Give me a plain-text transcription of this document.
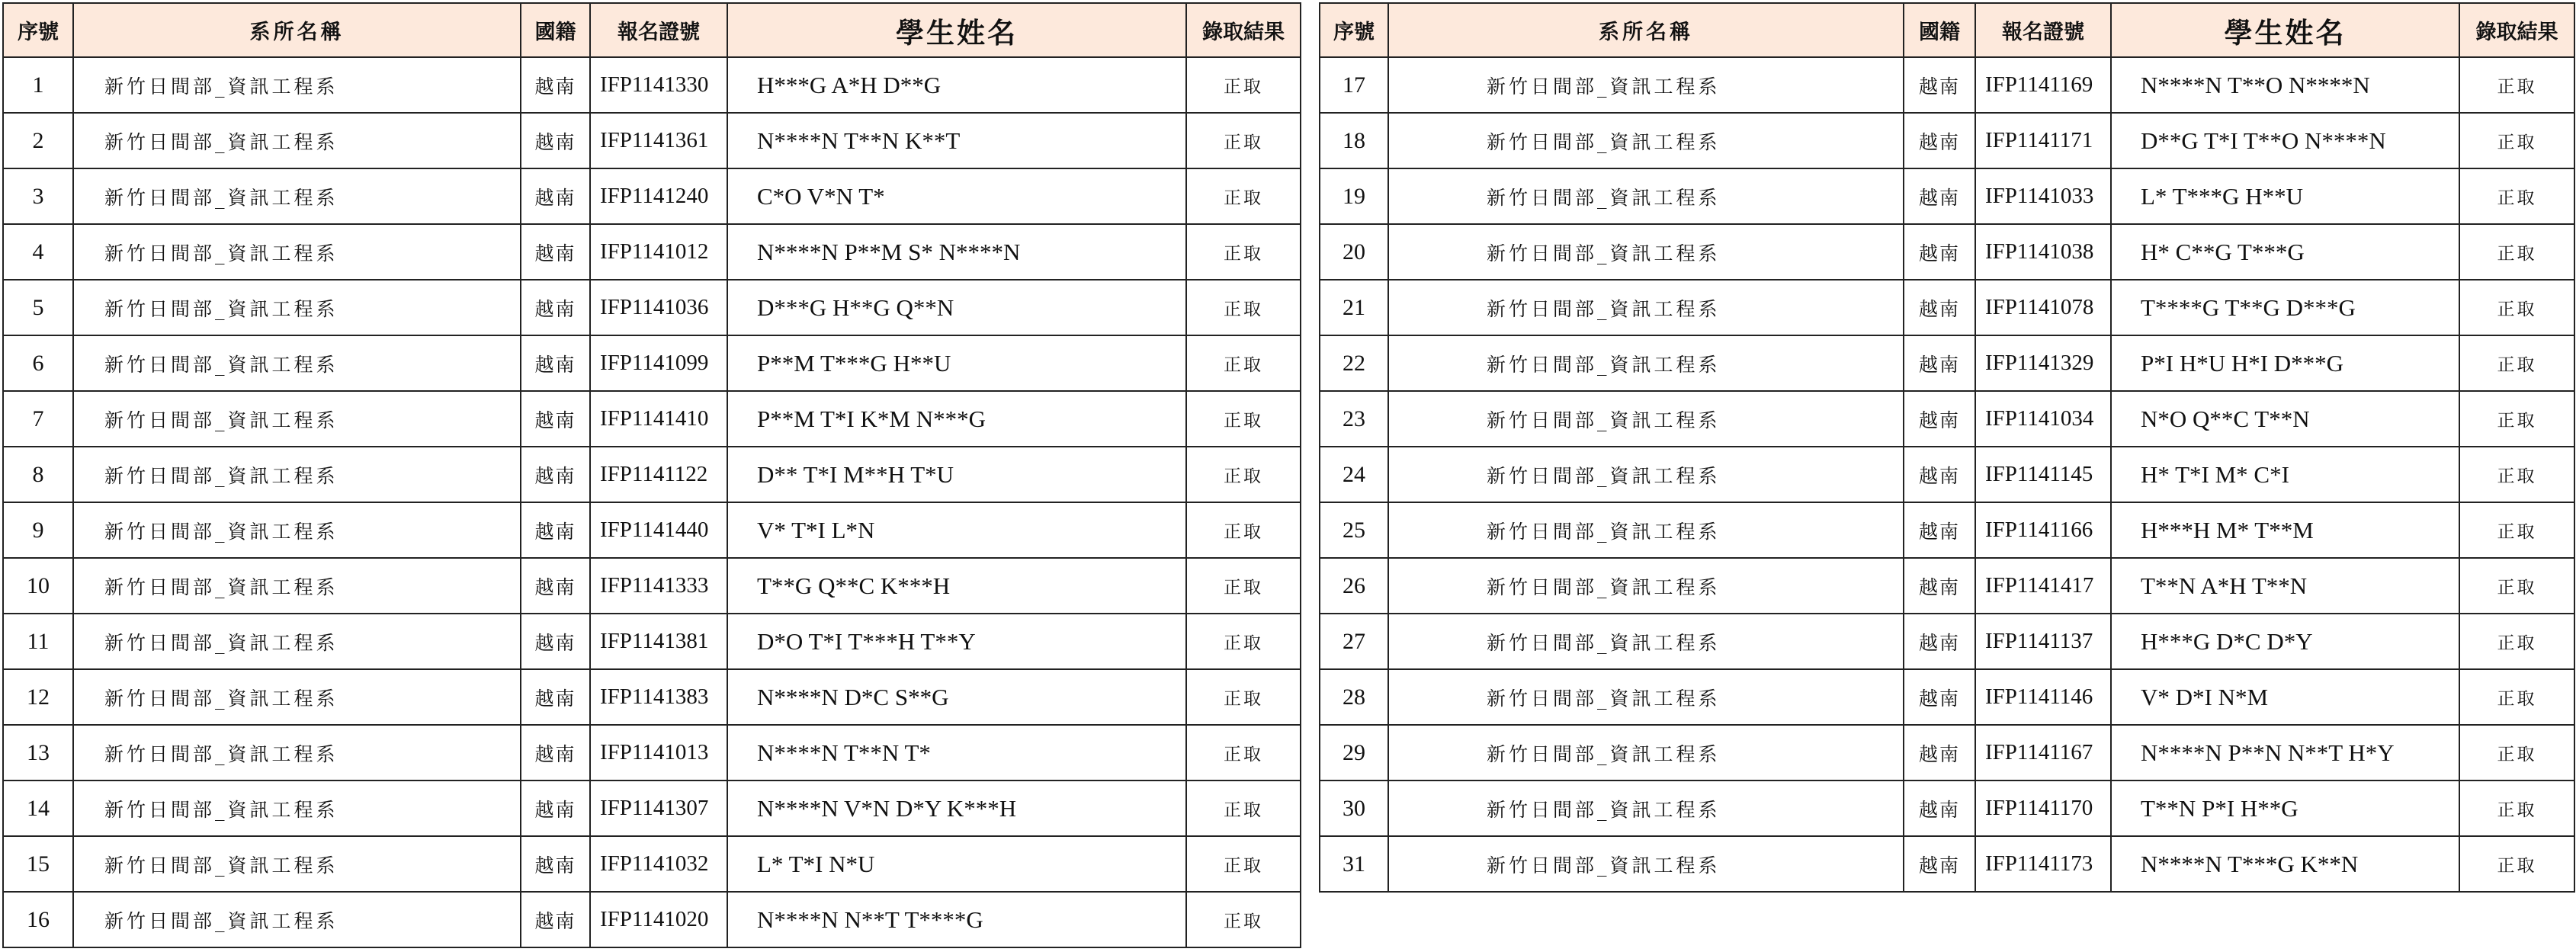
序號	系所名稱	國籍	報名證號	學生姓名	錄取結果
1	新竹日間部_資訊工程系	越南	IFP1141330	H***G A*H D**G	正取
2	新竹日間部_資訊工程系	越南	IFP1141361	N****N T**N K**T	正取
3	新竹日間部_資訊工程系	越南	IFP1141240	C*O V*N T*	正取
4	新竹日間部_資訊工程系	越南	IFP1141012	N****N P**M S* N****N	正取
5	新竹日間部_資訊工程系	越南	IFP1141036	D***G H**G Q**N	正取
6	新竹日間部_資訊工程系	越南	IFP1141099	P**M T***G H**U	正取
7	新竹日間部_資訊工程系	越南	IFP1141410	P**M T*I K*M N***G	正取
8	新竹日間部_資訊工程系	越南	IFP1141122	D** T*I M**H T*U	正取
9	新竹日間部_資訊工程系	越南	IFP1141440	V* T*I L*N	正取
10	新竹日間部_資訊工程系	越南	IFP1141333	T**G Q**C K***H	正取
11	新竹日間部_資訊工程系	越南	IFP1141381	D*O T*I T***H T**Y	正取
12	新竹日間部_資訊工程系	越南	IFP1141383	N****N D*C S**G	正取
13	新竹日間部_資訊工程系	越南	IFP1141013	N****N T**N T*	正取
14	新竹日間部_資訊工程系	越南	IFP1141307	N****N V*N D*Y K***H	正取
15	新竹日間部_資訊工程系	越南	IFP1141032	L* T*I N*U	正取
16	新竹日間部_資訊工程系	越南	IFP1141020	N****N N**T T****G	正取
序號	系所名稱	國籍	報名證號	學生姓名	錄取結果
17	新竹日間部_資訊工程系	越南	IFP1141169	N****N T**O N****N	正取
18	新竹日間部_資訊工程系	越南	IFP1141171	D**G T*I T**O N****N	正取
19	新竹日間部_資訊工程系	越南	IFP1141033	L* T***G H**U	正取
20	新竹日間部_資訊工程系	越南	IFP1141038	H* C**G T***G	正取
21	新竹日間部_資訊工程系	越南	IFP1141078	T****G T**G D***G	正取
22	新竹日間部_資訊工程系	越南	IFP1141329	P*I H*U H*I D***G	正取
23	新竹日間部_資訊工程系	越南	IFP1141034	N*O Q**C T**N	正取
24	新竹日間部_資訊工程系	越南	IFP1141145	H* T*I M* C*I	正取
25	新竹日間部_資訊工程系	越南	IFP1141166	H***H M* T**M	正取
26	新竹日間部_資訊工程系	越南	IFP1141417	T**N A*H T**N	正取
27	新竹日間部_資訊工程系	越南	IFP1141137	H***G D*C D*Y	正取
28	新竹日間部_資訊工程系	越南	IFP1141146	V* D*I N*M	正取
29	新竹日間部_資訊工程系	越南	IFP1141167	N****N P**N N**T H*Y	正取
30	新竹日間部_資訊工程系	越南	IFP1141170	T**N P*I H**G	正取
31	新竹日間部_資訊工程系	越南	IFP1141173	N****N T***G K**N	正取
